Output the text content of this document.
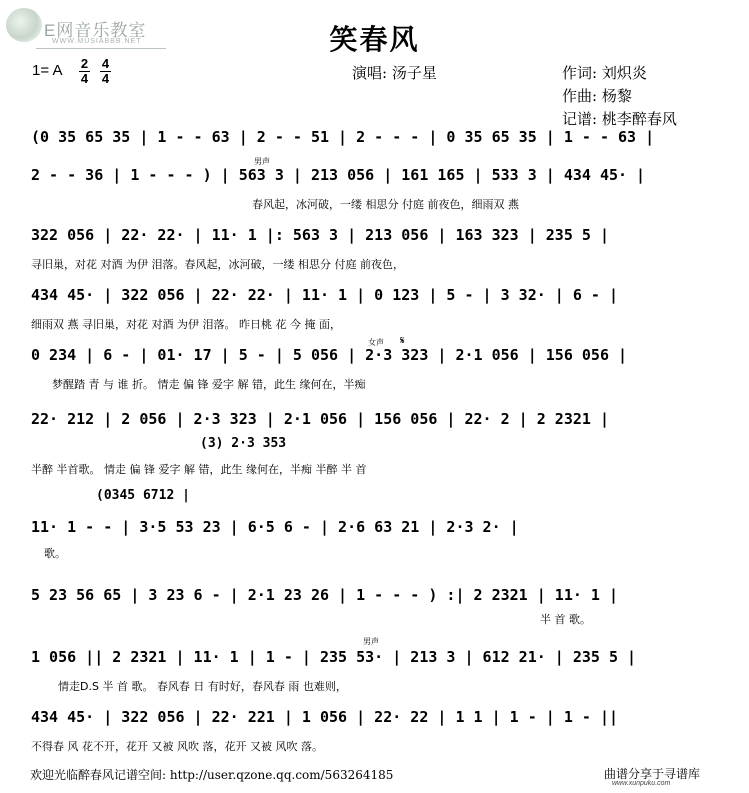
E网音乐教室
WWW.MUSIABBB.NET	笑春风
1= A 2
4
4
4	演唱: 汤子星	作词: 刘炽炎
作曲: 杨黎
记谱: 桃李醉春风
(0 35 65 35 | 1 - - 63 | 2 - - 51 | 2 - - - | 0 35 65 35 | 1 - - 63 |
男声
2 - - 36 | 1 - - - ) | 563 3 | 213 056 | 161 165 | 533 3 | 434 45· |
春风起，冰河破，一缕 相思分 付庭 前夜色，细雨双 燕
322 056 | 22· 22· | 11· 1 |: 563 3 | 213 056 | 163 323 | 235 5 |
寻旧巢，对花 对酒 为伊 泪落。春风起，冰河破，一缕 相思分 付庭 前夜色，
434 45· | 322 056 | 22· 22· | 11· 1 | 0 123 | 5 - | 3 32· | 6 - |
细雨双 燕 寻旧巢，对花 对酒 为伊 泪落。 昨日桃 花 今 掩 面，
女声 𝄋
0 234 | 6 - | 01· 17 | 5 - | 5 056 | 2·3 323 | 2·1 056 | 156 056 |
梦醒踏 青 与 谁 折。 情走 偏 锋 爱字 解 错，此生 缘何在，半痴
22· 212 | 2 056 | 2·3 323 | 2·1 056 | 156 056 | 22· 2 | 2 2321 |
(3) 2·3 353
半醉 半首歌。 情走 偏 锋 爱字 解 错，此生 缘何在，半痴 半醉 半 首
(0345 6712 |
11· 1 - - | 3·5 53 23 | 6·5 6 - | 2·6 63 21 | 2·3 2· |
歌。
5 23 56 65 | 3 23 6 - | 2·1 23 26 | 1 - - - ) :| 2 2321 | 11· 1 |
半 首 歌。
男声
1 056 || 2 2321 | 11· 1 | 1 - | 235 53· | 213 3 | 612 21· | 235 5 |
情走D.S 半 首 歌。 春风春 日 有时好，春风春 雨 也难则，
434 45· | 322 056 | 22· 221 | 1 056 | 22· 22 | 1 1 | 1 - | 1 - ||
不得春 风 花不开，花开 又被 风吹 落，花开 又被 风吹 落。
欢迎光临醉春风记谱空间: http://user.qzone.qq.com/563264185	曲谱分享于寻谱库
www.xunpuku.com
